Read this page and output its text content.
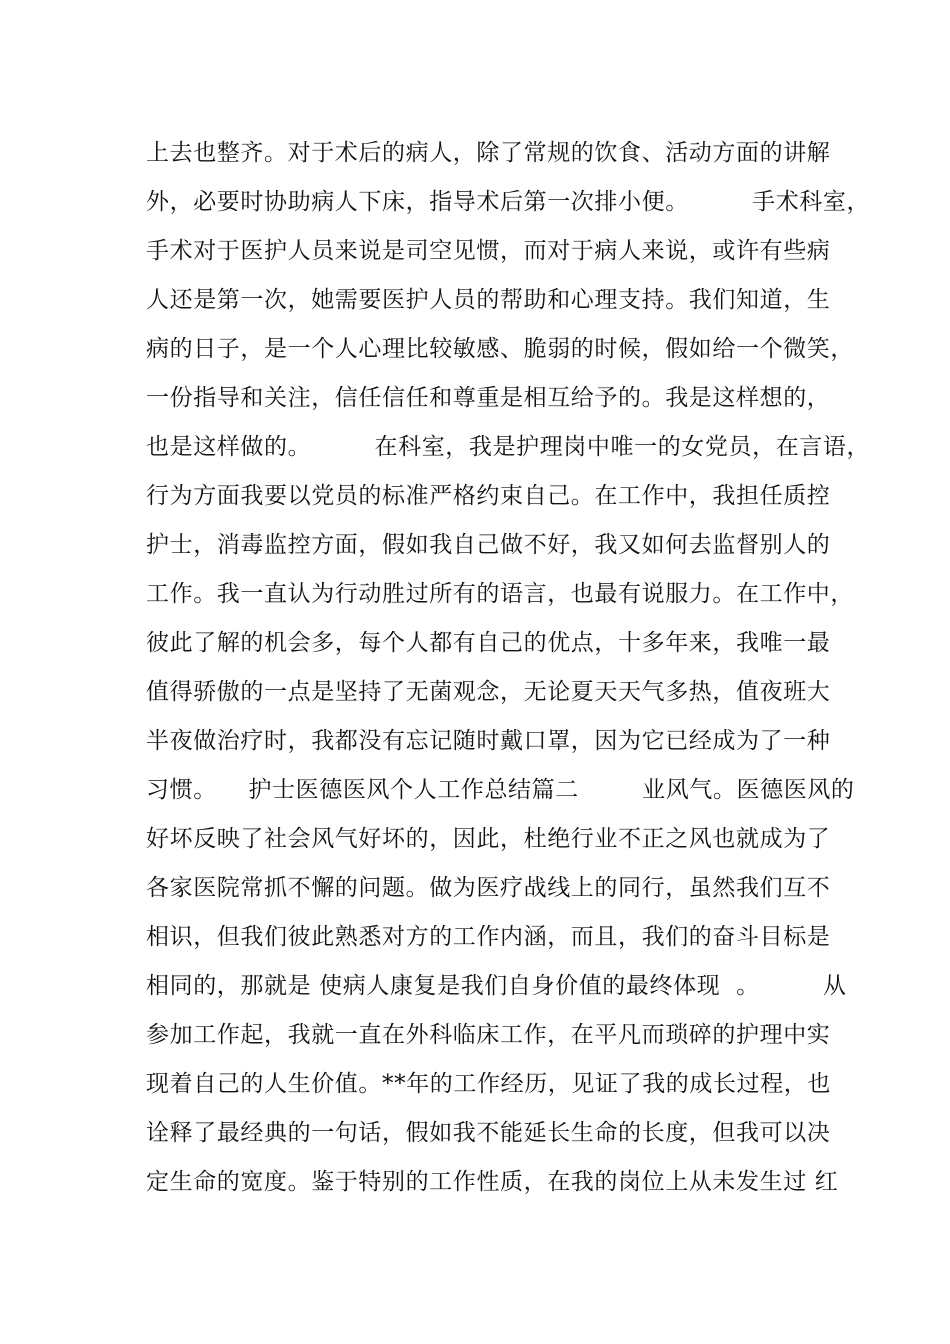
上去也整齐。对于术后的病人，除了常规的饮食、活动方面的讲解
外，必要时协助病人下床，指导术后第一次排小便。        手术科室，
手术对于医护人员来说是司空见惯，而对于病人来说，或许有些病
人还是第一次，她需要医护人员的帮助和心理支持。我们知道，生
病的日子，是一个人心理比较敏感、脆弱的时候，假如给一个微笑，
一份指导和关注，信任信任和尊重是相互给予的。我是这样想的，
也是这样做的。        在科室，我是护理岗中唯一的女党员，在言语，
行为方面我要以党员的标准严格约束自己。在工作中，我担任质控
护士，消毒监控方面，假如我自己做不好，我又如何去监督别人的
工作。我一直认为行动胜过所有的语言，也最有说服力。在工作中，
彼此了解的机会多，每个人都有自己的优点，十多年来，我唯一最
值得骄傲的一点是坚持了无菌观念，无论夏天天气多热，值夜班大
半夜做治疗时，我都没有忘记随时戴口罩，因为它已经成为了一种
习惯。    护士医德医风个人工作总结篇二        业风气。医德医风的
好坏反映了社会风气好坏的，因此，杜绝行业不正之风也就成为了
各家医院常抓不懈的问题。做为医疗战线上的同行，虽然我们互不
相识，但我们彼此熟悉对方的工作内涵，而且，我们的奋斗目标是
相同的，那就是 使病人康复是我们自身价值的最终体现  。        从
参加工作起，我就一直在外科临床工作，在平凡而琐碎的护理中实
现着自己的人生价值。**年的工作经历，见证了我的成长过程，也
诠释了最经典的一句话，假如我不能延长生命的长度，但我可以决
定生命的宽度。鉴于特别的工作性质，在我的岗位上从未发生过 红
